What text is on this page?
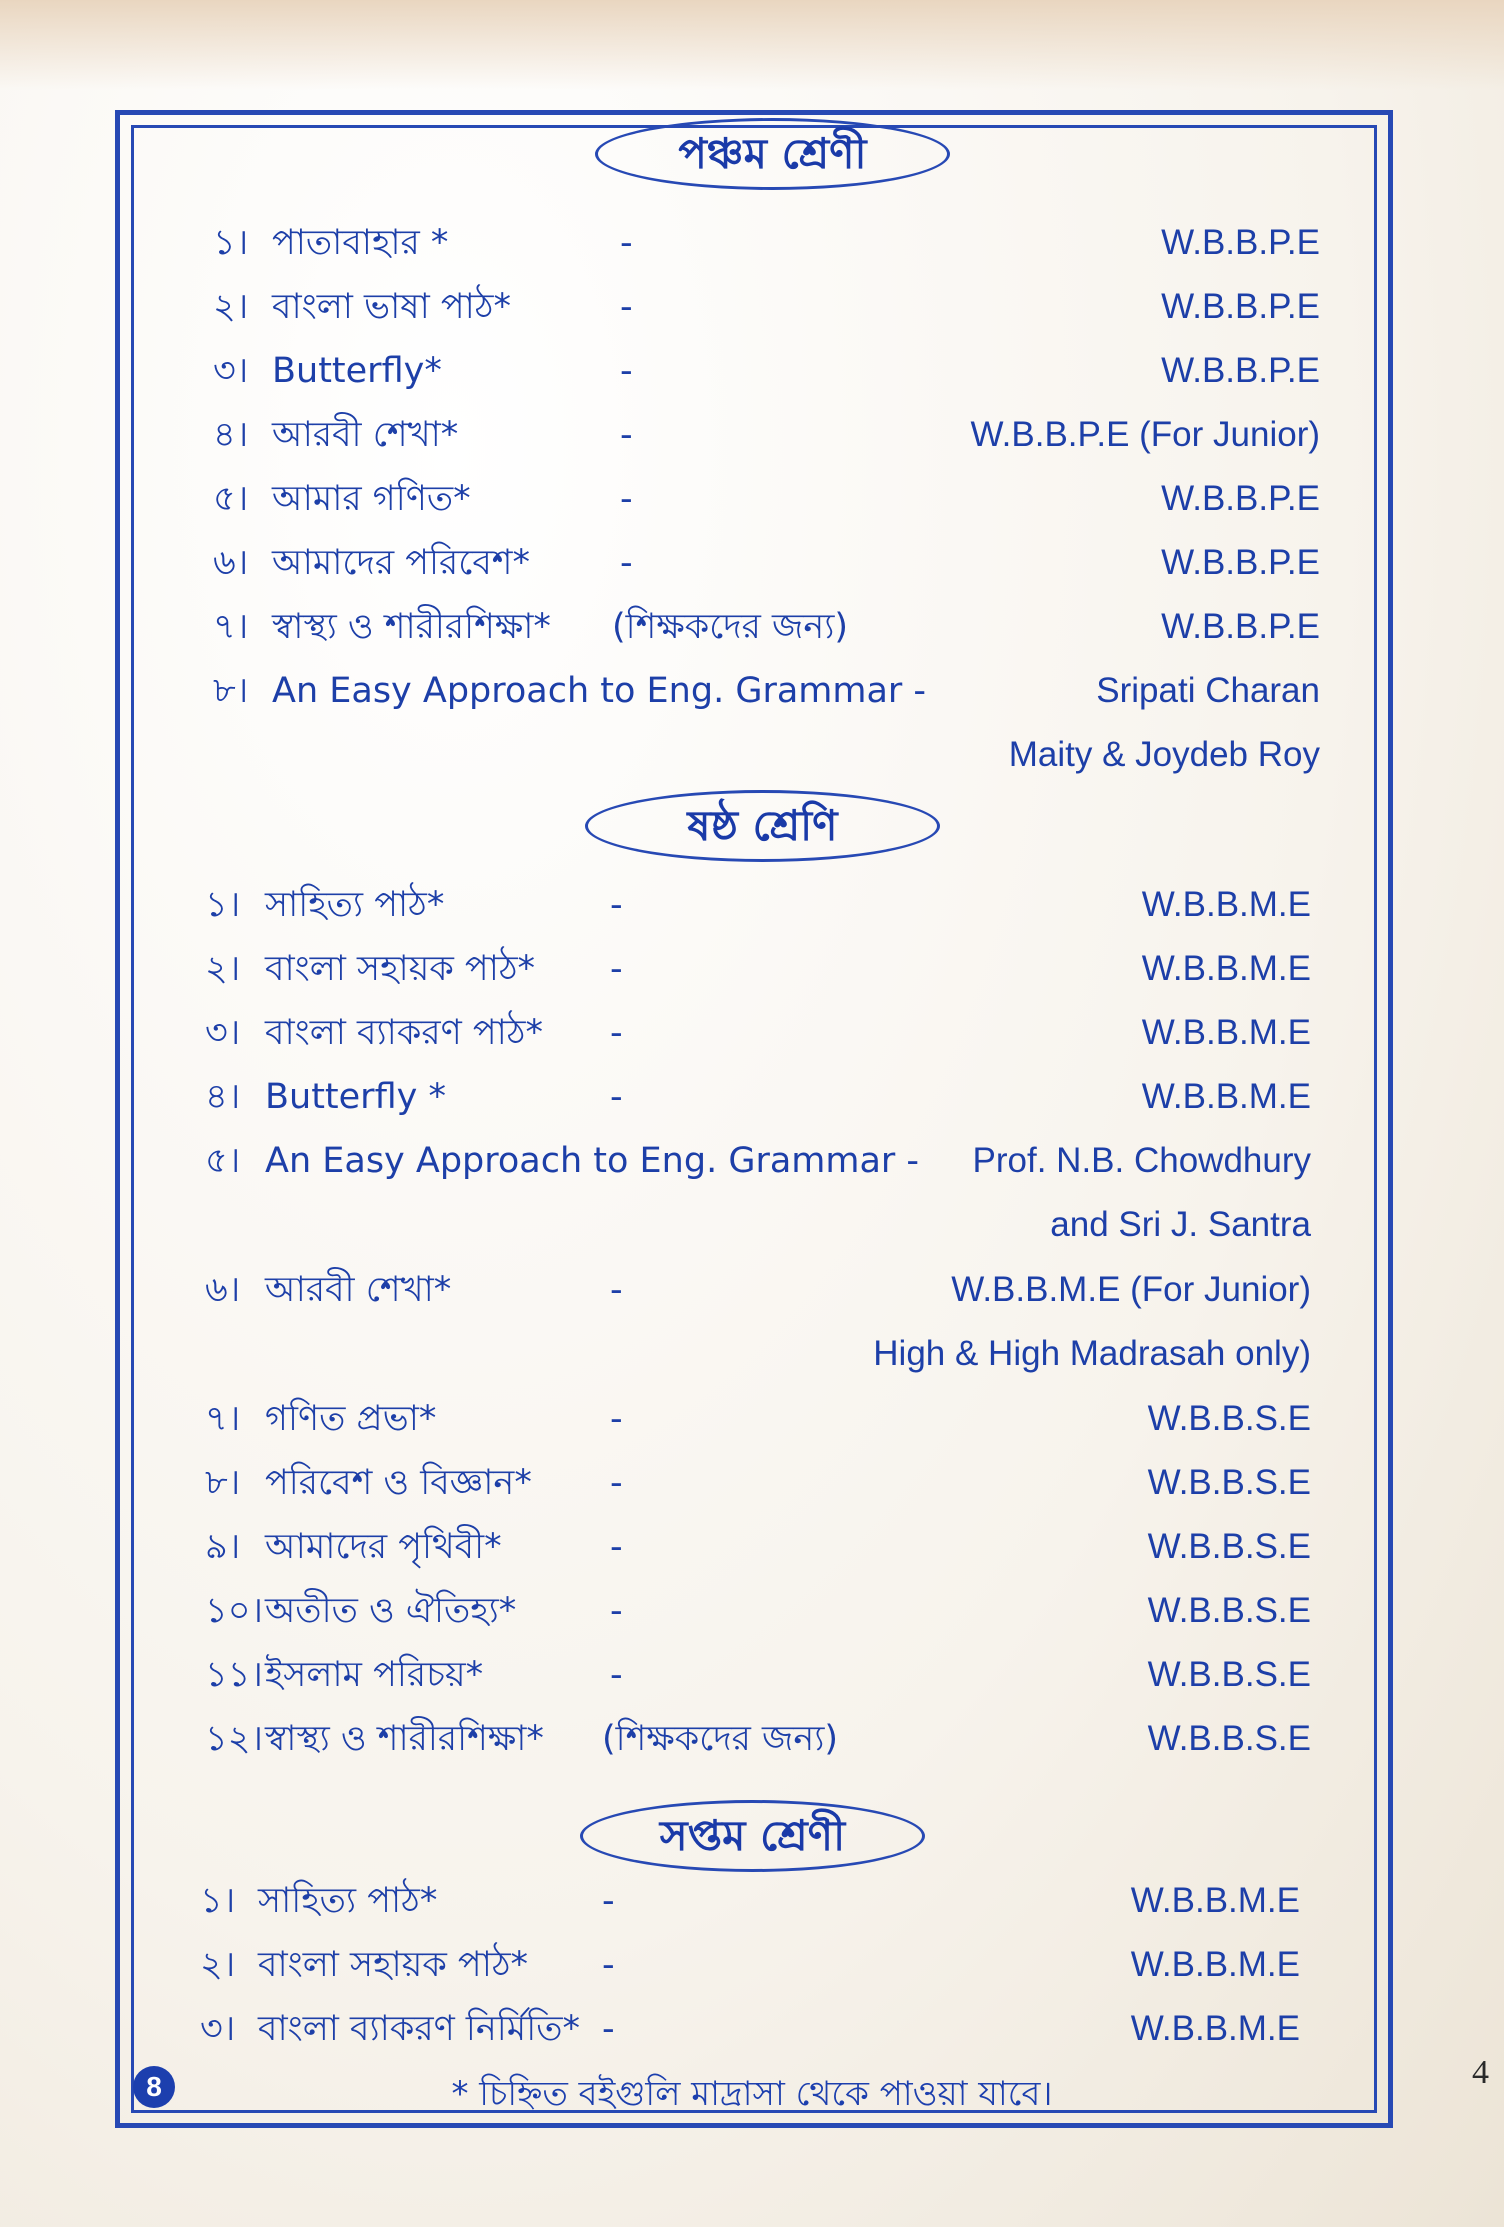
পঞ্চম শ্রেণী
১। পাতাবাহার *	-	W.B.B.P.E
২। বাংলা ভাষা পাঠ*	-	W.B.B.P.E
৩। Butterfly*	-	W.B.B.P.E
৪। আরবী শেখা*	-	W.B.B.P.E (For Junior)
৫। আমার গণিত*	-	W.B.B.P.E
৬। আমাদের পরিবেশ*	-	W.B.B.P.E
৭। স্বাস্থ্য ও শারীরশিক্ষা* (শিক্ষকদের জন্য)	W.B.B.P.E
৮। An Easy Approach to Eng. Grammar -	Sripati Charan
Maity & Joydeb Roy
ষষ্ঠ শ্রেণি
১। সাহিত্য পাঠ*	-	W.B.B.M.E
২। বাংলা সহায়ক পাঠ* -	W.B.B.M.E
৩। বাংলা ব্যাকরণ পাঠ* -	W.B.B.M.E
৪। Butterfly *	-	W.B.B.M.E
৫। An Easy Approach to Eng. Grammar - Prof. N.B. Chowdhury
and Sri J. Santra
৬। আরবী শেখা*	-	W.B.B.M.E (For Junior)
High & High Madrasah only)
৭। গণিত প্রভা*	-	W.B.B.S.E
৮। পরিবেশ ও বিজ্ঞান* -	W.B.B.S.E
৯। আমাদের পৃথিবী*	-	W.B.B.S.E
১০। অতীত ও ঐতিহ্য*	-	W.B.B.S.E
১১। ইসলাম পরিচয়*	-	W.B.B.S.E
১২। স্বাস্থ্য ও শারীরশিক্ষা* (শিক্ষকদের জন্য)	W.B.B.S.E
সপ্তম শ্রেণী
১। সাহিত্য পাঠ*	-	W.B.B.M.E
২। বাংলা সহায়ক পাঠ* -	W.B.B.M.E
৩। বাংলা ব্যাকরণ নির্মিতি* -	W.B.B.M.E
8	* চিহ্নিত বইগুলি মাদ্রাসা থেকে পাওয়া যাবে।
4
